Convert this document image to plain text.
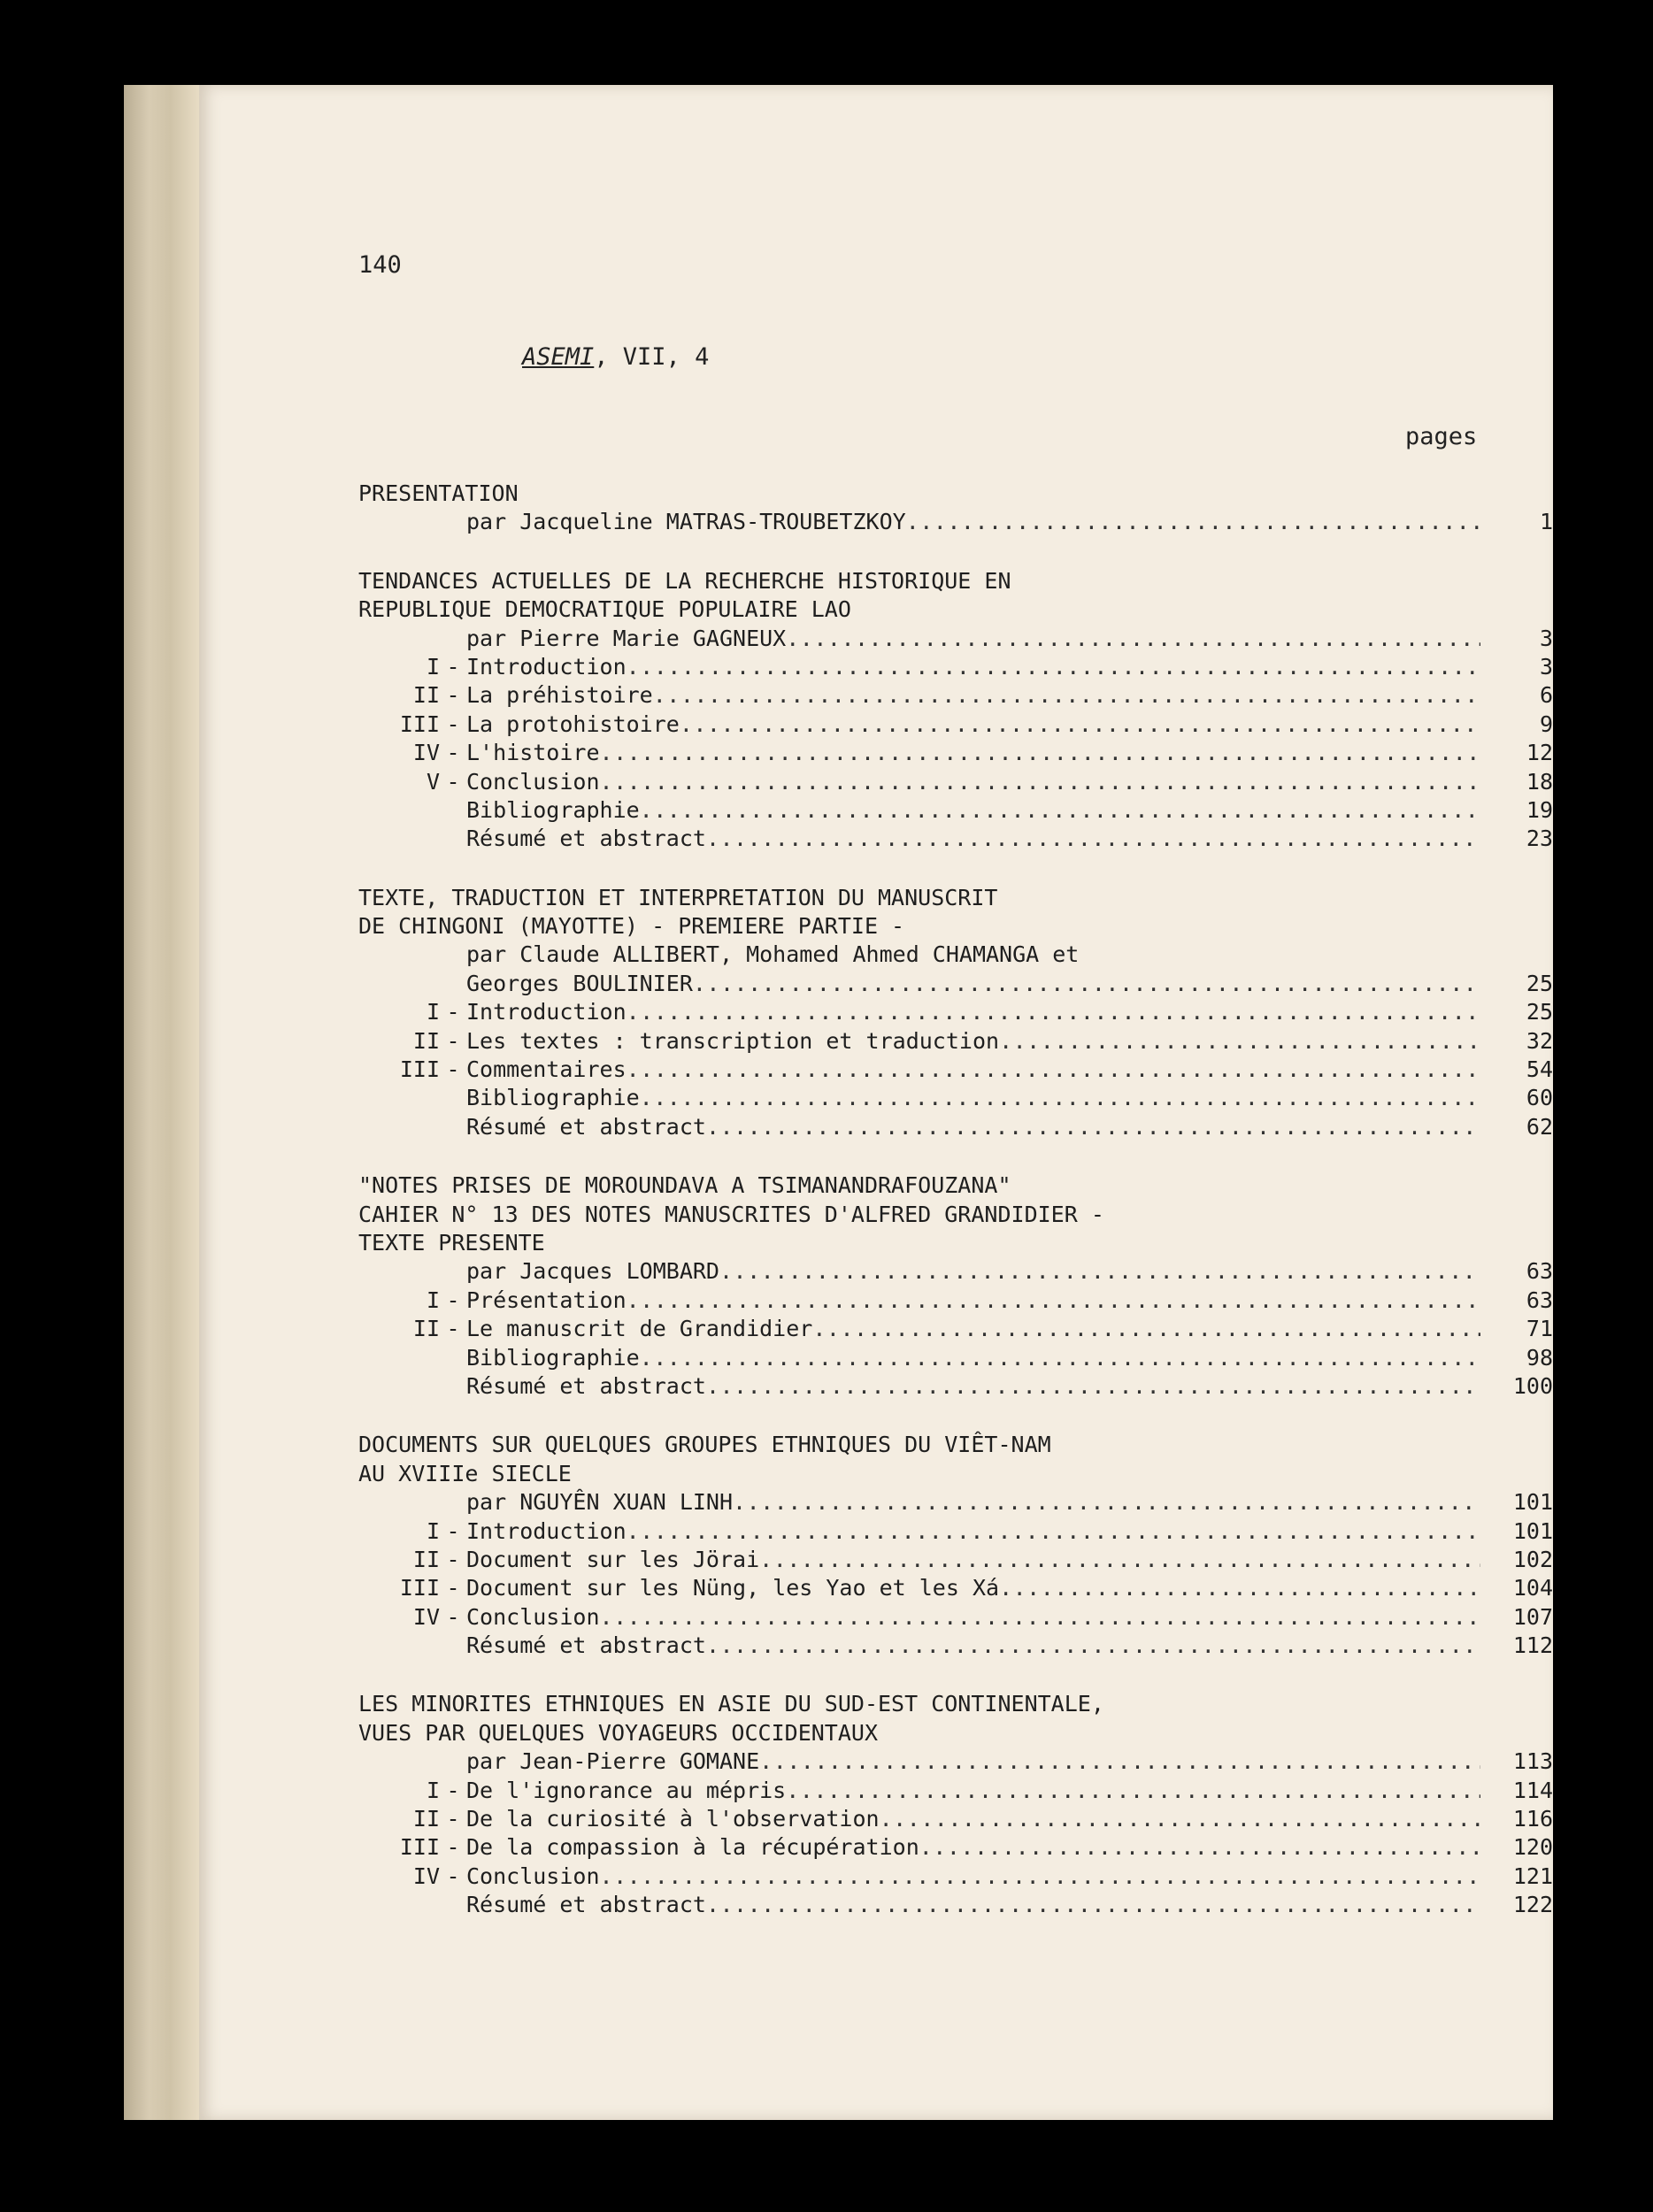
140
ASEMI, VII, 4
pages
PRESENTATION
par Jacqueline MATRAS-TROUBETZKOY .....	1
TENDANCES ACTUELLES DE LA RECHERCHE HISTORIQUE EN
REPUBLIQUE DEMOCRATIQUE POPULAIRE LAO
par Pierre Marie GAGNEUX .....	3
I - Introduction .....	3
II - La préhistoire .....	6
III - La protohistoire .....	9
IV - L'histoire .....	12
V - Conclusion .....	18
Bibliographie .....	19
Résumé et abstract .....	23
TEXTE, TRADUCTION ET INTERPRETATION DU MANUSCRIT
DE CHINGONI (MAYOTTE) - PREMIERE PARTIE -
par Claude ALLIBERT, Mohamed Ahmed CHAMANGA et
Georges BOULINIER .....	25
I - Introduction .....	25
II - Les textes : transcription et traduction .....	32
III - Commentaires .....	54
Bibliographie .....	60
Résumé et abstract .....	62
"NOTES PRISES DE MOROUNDAVA A TSIMANANDRAFOUZANA"
CAHIER N° 13 DES NOTES MANUSCRITES D'ALFRED GRANDIDIER -
TEXTE PRESENTE
par Jacques LOMBARD .....	63
I - Présentation .....	63
II - Le manuscrit de Grandidier .....	71
Bibliographie .....	98
Résumé et abstract .....	100
DOCUMENTS SUR QUELQUES GROUPES ETHNIQUES DU VIÊT-NAM
AU XVIIIe SIECLE
par NGUYÊN XUAN LINH .....	101
I - Introduction .....	101
II - Document sur les Jörai .....	102
III - Document sur les Nüng, les Yao et les Xá .....	104
IV - Conclusion .....	107
Résumé et abstract .....	112
LES MINORITES ETHNIQUES EN ASIE DU SUD-EST CONTINENTALE,
VUES PAR QUELQUES VOYAGEURS OCCIDENTAUX
par Jean-Pierre GOMANE .....	113
I - De l'ignorance au mépris .....	114
II - De la curiosité à l'observation .....	116
III - De la compassion à la récupération .....	120
IV - Conclusion .....	121
Résumé et abstract .....	122
